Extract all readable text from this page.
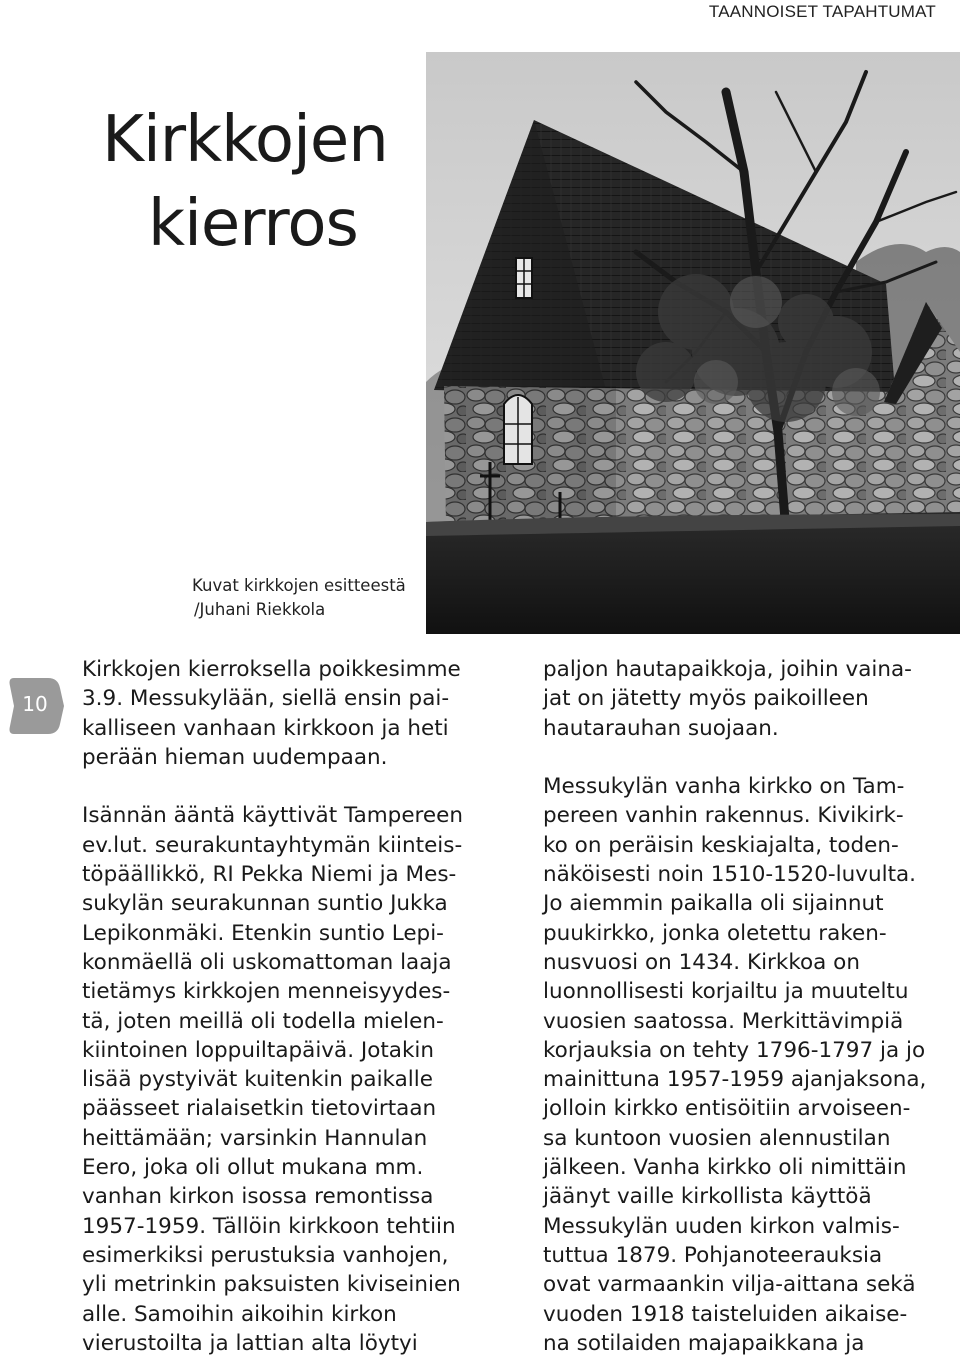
TAANNOISET TAPAHTUMAT
Kirkkojen
kierros
Kuvat kirkkojen esitteestä
/Juhani Riekkola
10
Kirkkojen kierroksella poikkesimme
3.9. Messukylään, siellä ensin pai-
kalliseen vanhaan kirkkoon ja heti
perään hieman uudempaan.
Isännän ääntä käyttivät Tampereen
ev.lut. seurakuntayhtymän kiinteis-
töpäällikkö, RI Pekka Niemi ja Mes-
sukylän seurakunnan suntio Jukka
Lepikonmäki. Etenkin suntio Lepi-
konmäellä oli uskomattoman laaja
tietämys kirkkojen menneisyydes-
tä, joten meillä oli todella mielen-
kiintoinen loppuiltapäivä. Jotakin
lisää pystyivät kuitenkin paikalle
päässeet rialaisetkin tietovirtaan
heittämään; varsinkin Hannulan
Eero, joka oli ollut mukana mm.
vanhan kirkon isossa remontissa
1957-1959. Tällöin kirkkoon tehtiin
esimerkiksi perustuksia vanhojen,
yli metrinkin paksuisten kiviseinien
alle. Samoihin aikoihin kirkon
vierustoilta ja lattian alta löytyi
paljon hautapaikkoja, joihin vaina-
jat on jätetty myös paikoilleen
hautarauhan suojaan.
Messukylän vanha kirkko on Tam-
pereen vanhin rakennus. Kivikirk-
ko on peräisin keskiajalta, toden-
näköisesti noin 1510-1520-luvulta.
Jo aiemmin paikalla oli sijainnut
puukirkko, jonka oletettu raken-
nusvuosi on 1434. Kirkkoa on
luonnollisesti korjailtu ja muuteltu
vuosien saatossa. Merkittävimpiä
korjauksia on tehty 1796-1797 ja jo
mainittuna 1957-1959 ajanjaksona,
jolloin kirkko entisöitiin arvoiseen-
sa kuntoon vuosien alennustilan
jälkeen. Vanha kirkko oli nimittäin
jäänyt vaille kirkollista käyttöä
Messukylän uuden kirkon valmis-
tuttua 1879. Pohjanoteerauksia
ovat varmaankin vilja-aittana sekä
vuoden 1918 taisteluiden aikaise-
na sotilaiden majapaikkana ja
